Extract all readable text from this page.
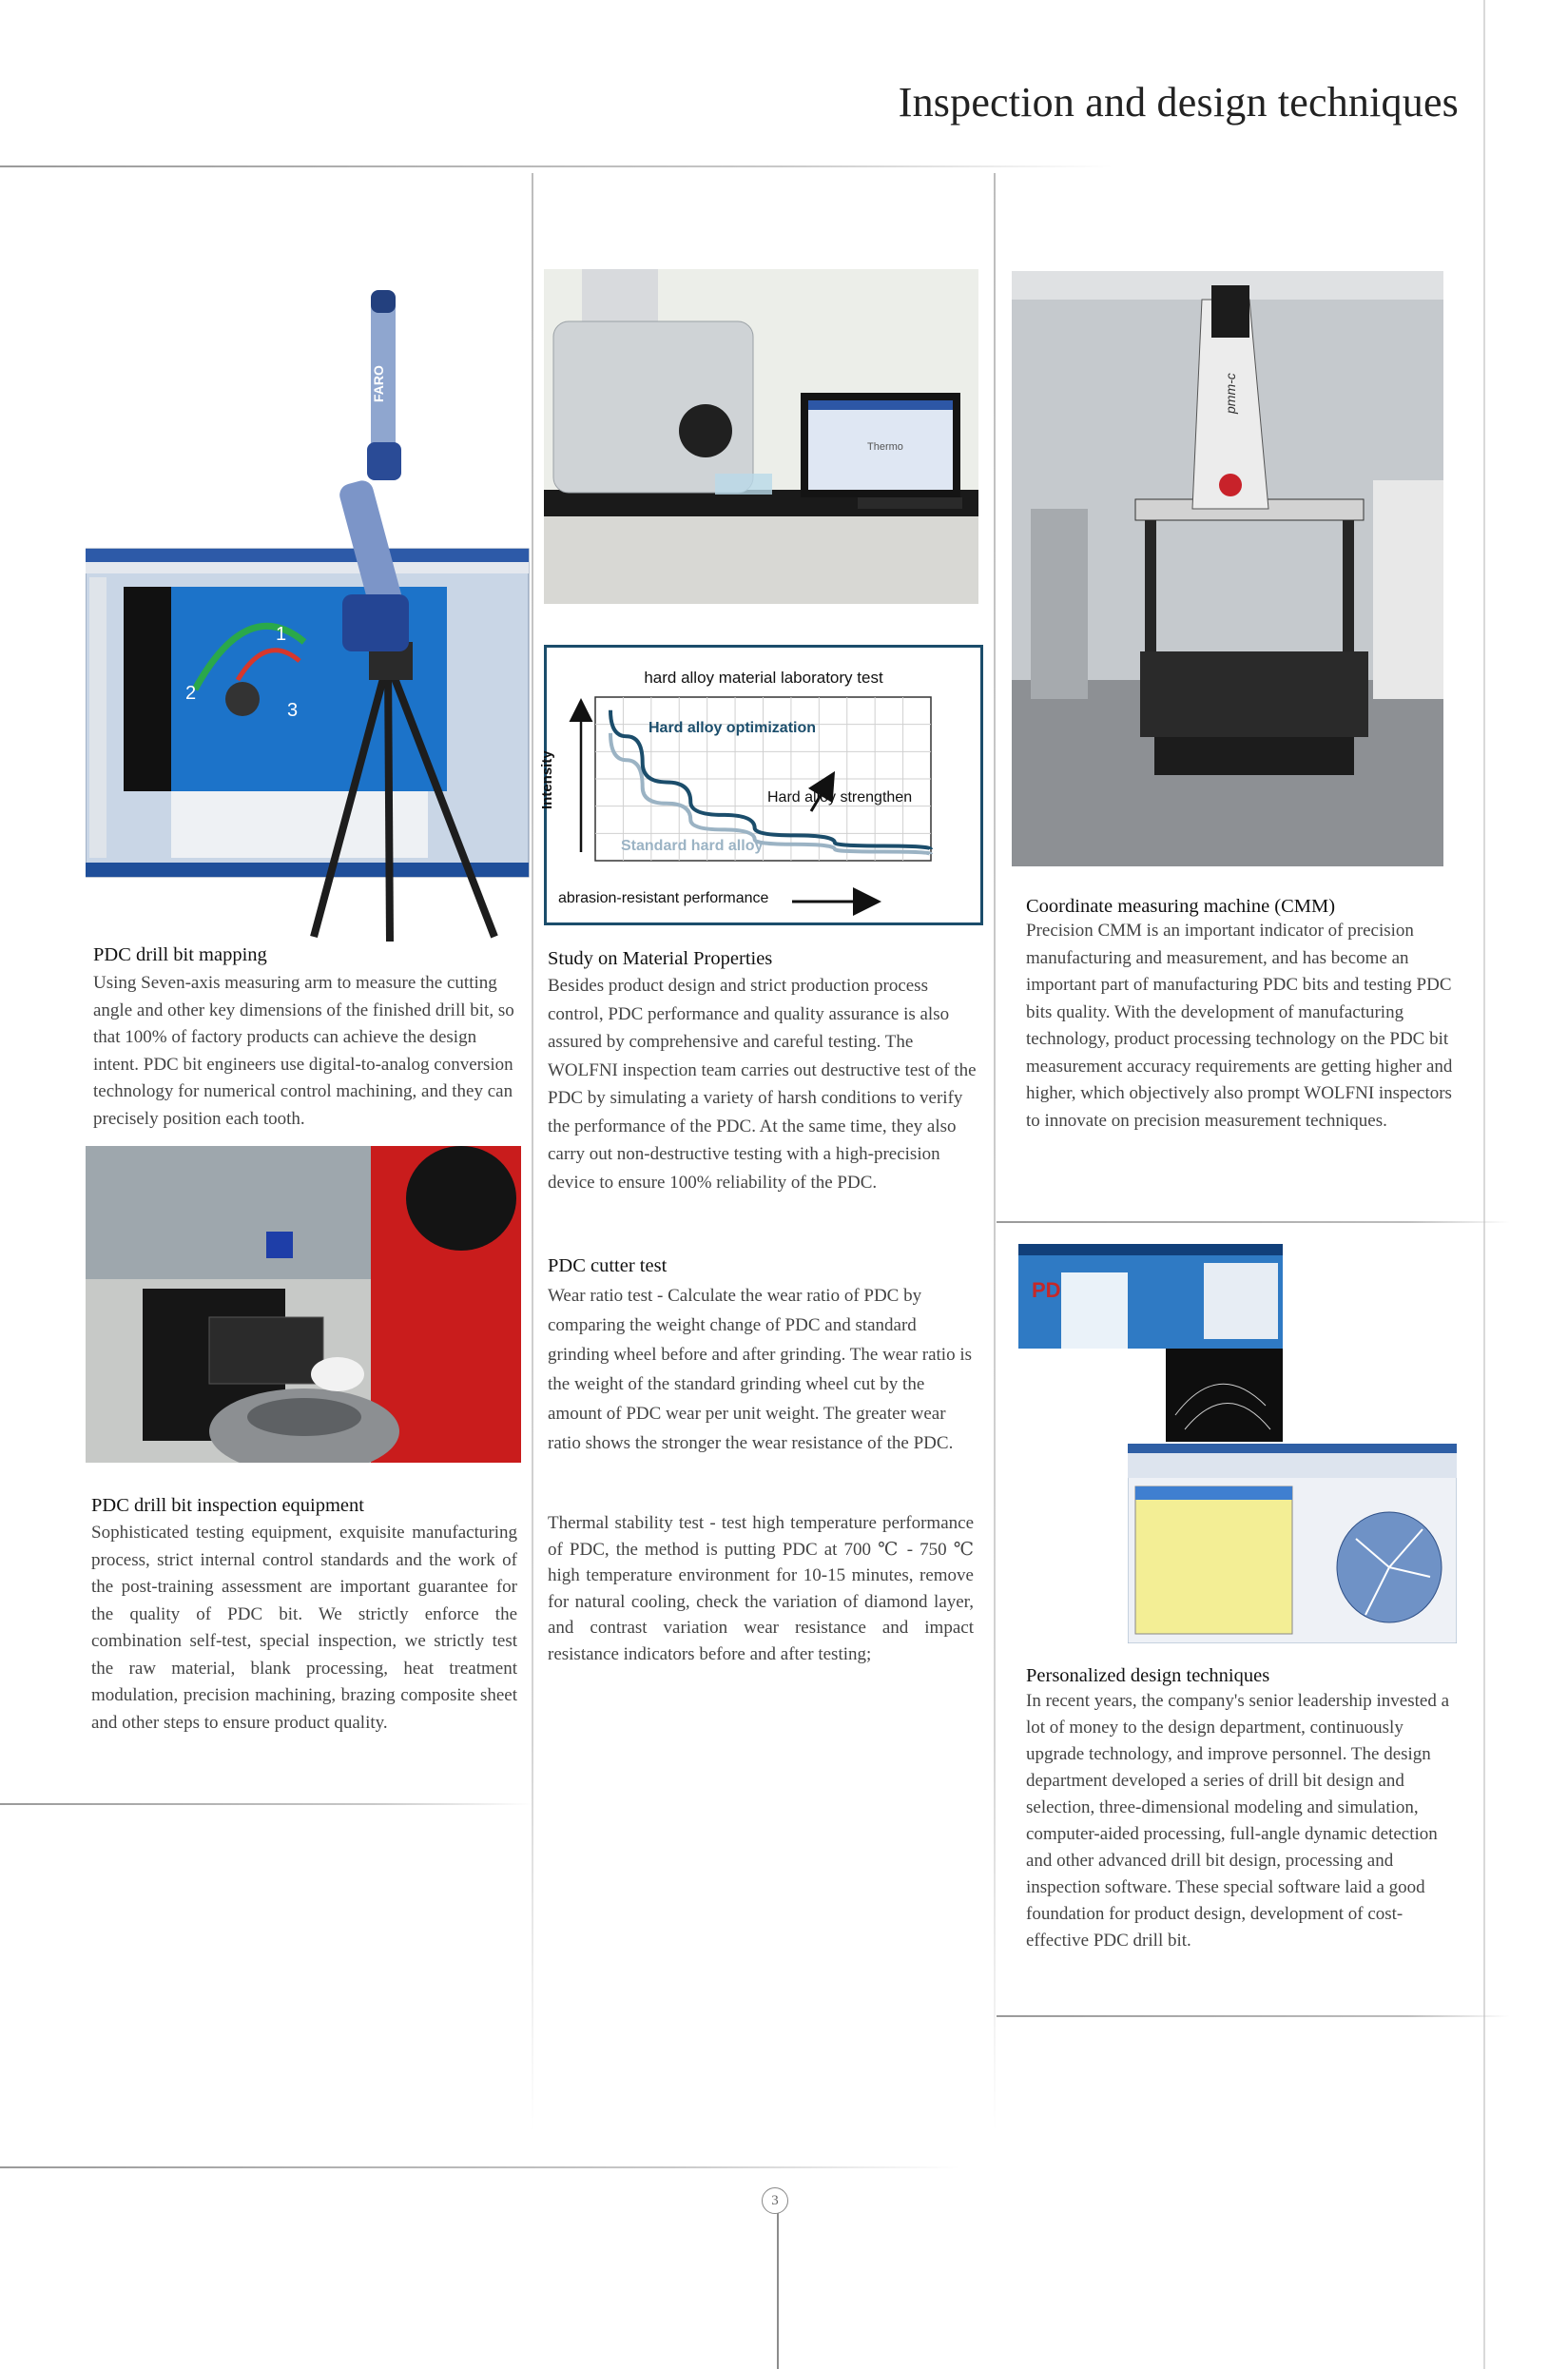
Inspection and design techniques
1
2
3
FARO
PDC drill bit mapping
Using Seven-axis measuring arm to measure the cutting angle and other key dimensions of the finished drill bit, so that 100% of factory products can achieve the design intent. PDC bit engineers use digital-to-analog conversion technology for numerical control machining, and they can precisely position each tooth.
PDC drill bit inspection equipment
Sophisticated testing equipment, exquisite manufacturing process, strict internal control standards and the work of the post-training assessment are important guarantee for the quality of PDC bit. We strictly enforce the combination self-test, special inspection, we strictly test the raw material, blank processing, heat treatment modulation, precision machining, brazing composite sheet and other steps to ensure product quality.
Thermo
hard alloy material laboratory test
Hard alloy optimization
Hard alloy strengthen
Standard hard alloy
Intensity
abrasion-resistant performance
Study on Material Properties
Besides product design and strict production process control, PDC performance and quality assurance is also assured by comprehensive and careful testing. The WOLFNI inspection team carries out destructive test of the PDC by simulating a variety of harsh conditions to verify the performance of the PDC. At the same time, they also carry out non-destructive testing with a high-precision device to ensure 100% reliability of the PDC.
PDC cutter test
Wear ratio test - Calculate the wear ratio of PDC by comparing the weight change of PDC and standard grinding wheel before and after grinding. The wear ratio is the weight of the standard grinding wheel cut by the amount of PDC wear per unit weight. The greater wear ratio shows the stronger the wear resistance of the PDC.
Thermal stability test - test high temperature performance of PDC, the method is putting PDC at 700 ℃ - 750 ℃ high temperature environment for 10-15 minutes, remove for natural cooling, check the variation of diamond layer, and contrast variation wear resistance and impact resistance indicators before and after testing;
pmm-c
Coordinate measuring machine (CMM)
Precision CMM is an important indicator of precision manufacturing and measurement, and has become an important part of manufacturing PDC bits and testing PDC bits quality. With the development of manufacturing technology, product processing technology on the PDC bit measurement accuracy requirements are getting higher and higher, which objectively also prompt WOLFNI inspectors to innovate on precision measurement techniques.
PD
Personalized design techniques
In recent years, the company's senior leadership invested a lot of money to the design department, continuously upgrade technology, and improve personnel. The design department developed a series of drill bit design and selection, three-dimensional modeling and simulation, computer-aided processing, full-angle dynamic detection and other advanced drill bit design, processing and inspection software. These special software laid a good foundation for product design, development of cost-effective PDC drill bit.
3
